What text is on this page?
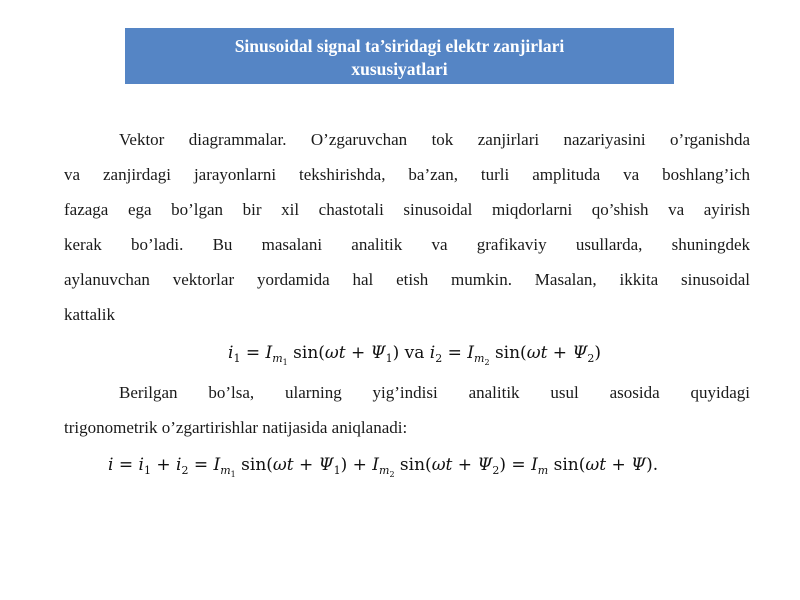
Sinusoidal signal ta’siridagi elektr zanjirlari
xususiyatlari
Vektor diagrammalar. O’zgaruvchan tok zanjirlari nazariyasini o’rganishda
va zanjirdagi jarayonlarni tekshirishda, ba’zan, turli amplituda va boshlang’ich
fazaga ega bo’lgan bir xil chastotali sinusoidal miqdorlarni qo’shish va ayirish
kerak bo’ladi. Bu masalani analitik va grafikaviy usullarda, shuningdek
aylanuvchan vektorlar yordamida hal etish mumkin. Masalan, ikkita sinusoidal
kattalik
$i_1 = I_{m_1}$ $\sin(\omega t + \Psi_1)$ va $i_2 = I_{m_2}$ $\sin(\omega t + \Psi_2)$
Berilgan bo’lsa, ularning yig’indisi analitik usul asosida quyidagi
trigonometrik o’zgartirishlar natijasida aniqlanadi:
$i = i_1 + i_2 = I_{m_1}$ $\sin(\omega t + \Psi_1) + I_{m_2}$ $\sin(\omega t + \Psi_2) = I_m$ sin(ωt + Ψ).
